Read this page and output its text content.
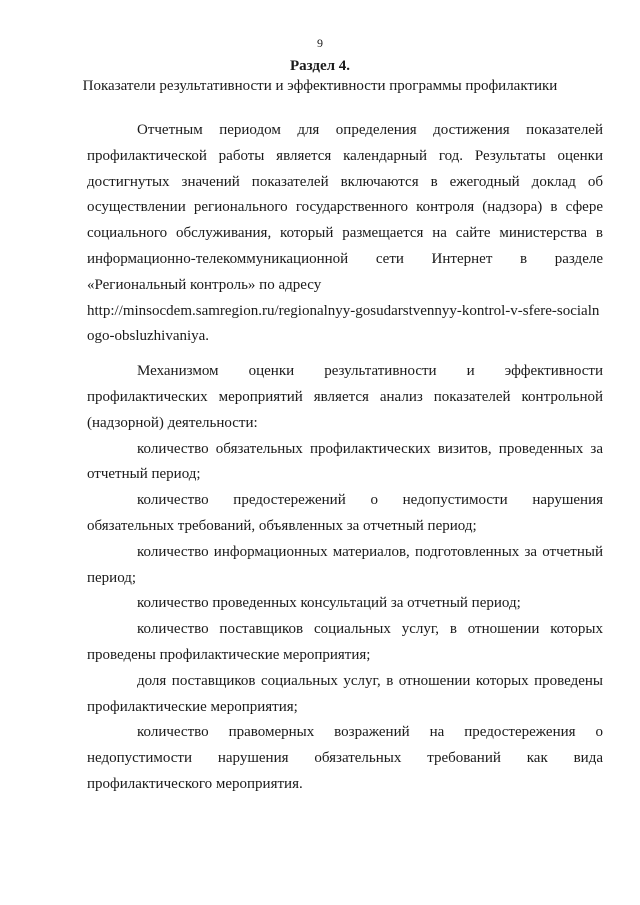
9
Раздел 4.
Показатели результативности и эффективности программы профилактики

Отчетным периодом для определения достижения показателей профилактической работы является календарный год. Результаты оценки достигнутых значений показателей включаются в ежегодный доклад об осуществлении регионального государственного контроля (надзора) в сфере социального обслуживания, который размещается на сайте министерства в информационно-телекоммуникационной сети Интернет в разделе «Региональный контроль» по адресу
http://minsocdem.samregion.ru/regionalnyy-gosudarstvennyy-kontrol-v-sfere-socialnogo-obsluzhivaniya.

Механизмом оценки результативности и эффективности профилактических мероприятий является анализ показателей контрольной (надзорной) деятельности:

количество обязательных профилактических визитов, проведенных за отчетный период;

количество предостережений о недопустимости нарушения обязательных требований, объявленных за отчетный период;

количество информационных материалов, подготовленных за отчетный период;

количество проведенных консультаций за отчетный период;

количество поставщиков социальных услуг, в отношении которых проведены профилактические мероприятия;

доля поставщиков социальных услуг, в отношении которых проведены профилактические мероприятия;

количество правомерных возражений на предостережения о недопустимости нарушения обязательных требований как вида профилактического мероприятия.
